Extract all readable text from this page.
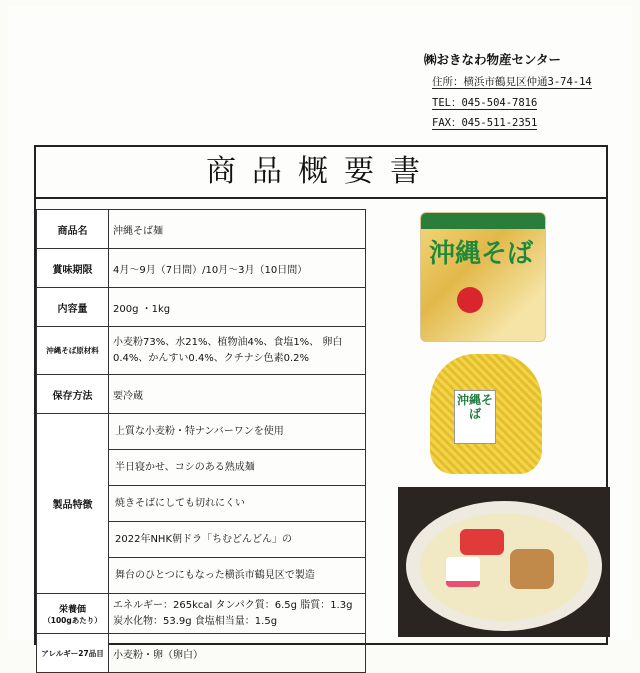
㈱おきなわ物産センター
住所：横浜市鶴見区仲通3-74-14
TEL：045-504-7816
FAX：045-511-2351
商品概要書
商品名	沖縄そば麺
賞味期限	4月～9月（7日間）/10月～3月（10日間）
内容量	200g ・1kg
沖縄そば原材料	小麦粉73%、水21%、植物油4%、食塩1%、 卵白0.4%、かんすい0.4%、クチナシ色素0.2%
保存方法	要冷蔵
製品特徴	上質な小麦粉・特ナンバーワンを使用
半日寝かせ、コシのある熟成麺
焼きそばにしても切れにくい
2022年NHK朝ドラ「ちむどんどん」の
舞台のひとつにもなった横浜市鶴見区で製造

栄養価
（100gあたり）	エネルギー：265kcal タンパク質：6.5g 脂質：1.3g 炭水化物：53.9g 食塩相当量：1.5g
アレルギー27品目	小麦粉・卵（卵白）
沖縄そば
沖縄そば
